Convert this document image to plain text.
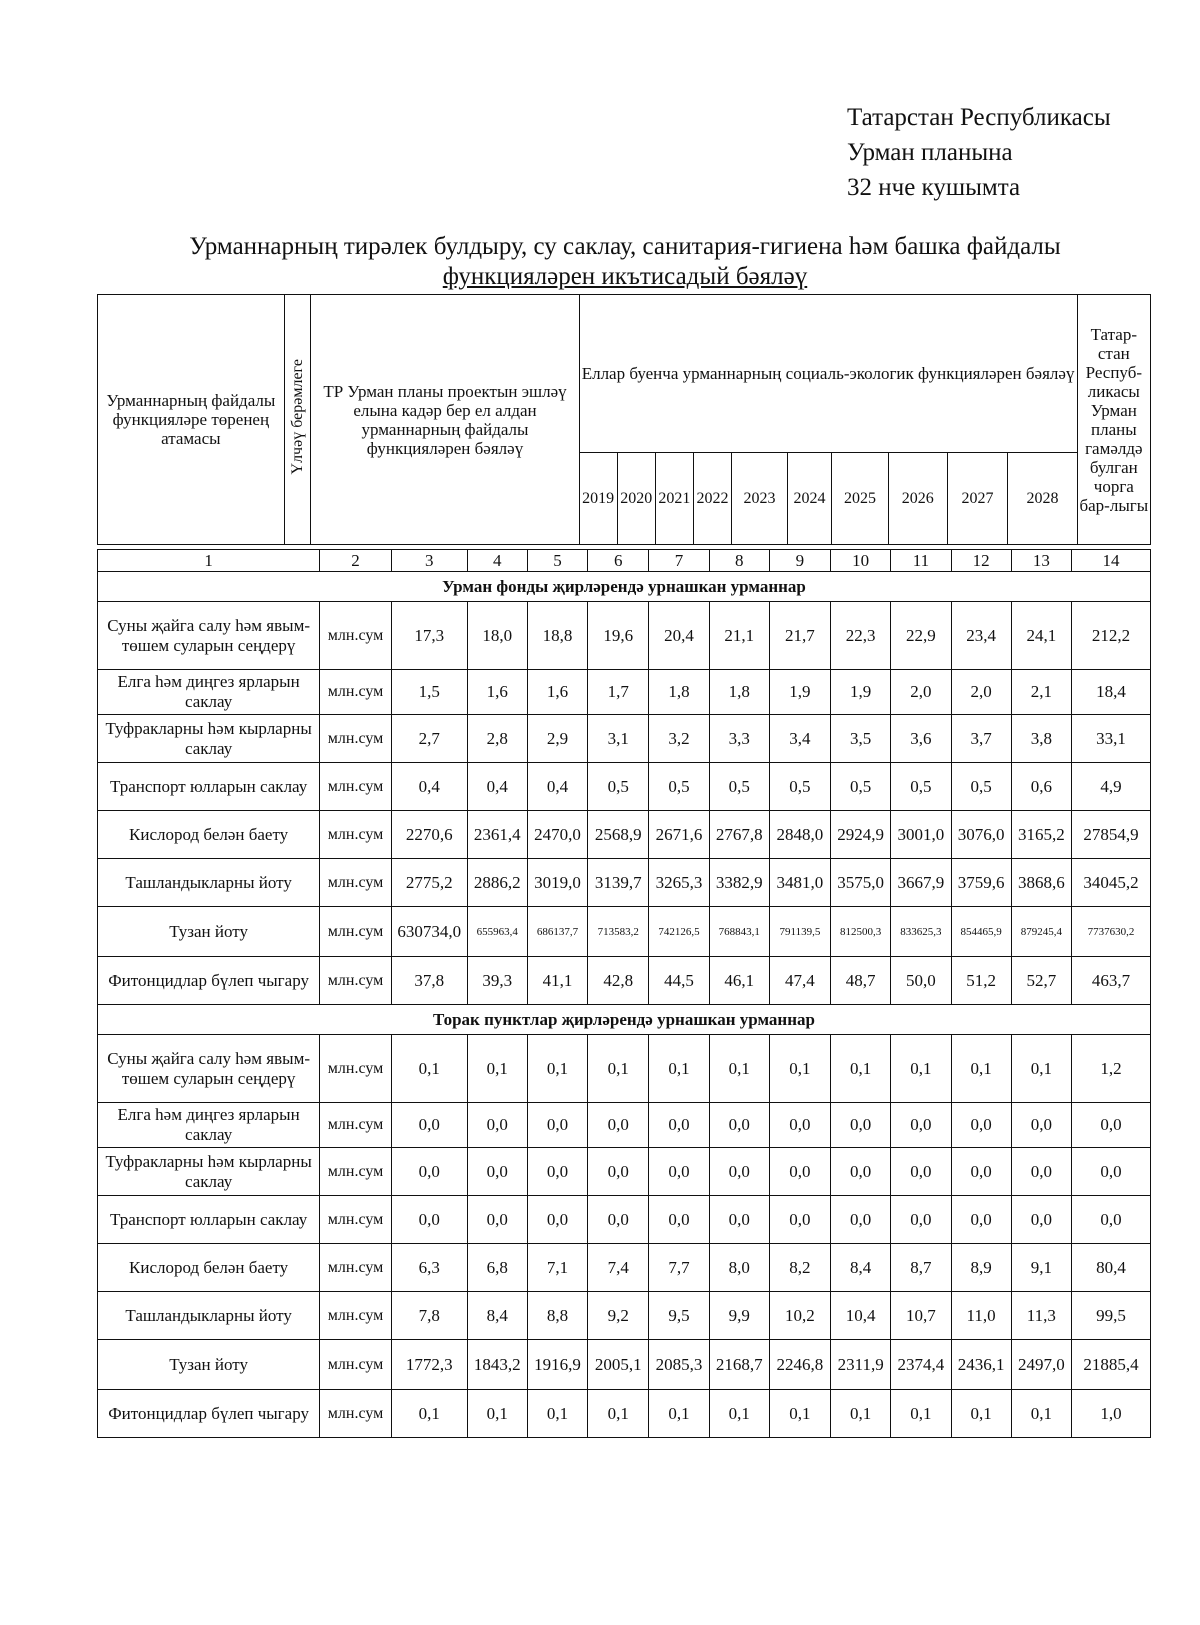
Татарстан Республикасы
Урман планына
32 нче кушымта
Урманнарның тирәлек булдыру, су саклау, санитария-гигиена һәм башка файдалы
функцияләрен икътисадый бәяләү
Урманнарның файдалы функцияләре төренең атамасы	Үлчәү берәмлеге	ТР Урман планы проектын эшләү елына кадәр бер ел алдан урманнарның файдалы функцияләрен бәяләү	Еллар буенча урманнарның социаль-экологик функцияләрен бәяләү										Татар-стан Респуб-ликасы Урман планы гамәлдә булган чорга бар-лыгы
			2019	2020	2021	2022	2023	2024	2025	2026	2027	2028	
1	2	3	4	5	6	7	8	9	10	11	12	13	14
Урман фонды җирләрендә урнашкан урманнар													
Суны җайга салу һәм явым-төшем суларын сеңдерү	млн.сум	17,3	18,0	18,8	19,6	20,4	21,1	21,7	22,3	22,9	23,4	24,1	212,2
Елга һәм диңгез ярларын саклау	млн.сум	1,5	1,6	1,6	1,7	1,8	1,8	1,9	1,9	2,0	2,0	2,1	18,4
Туфракларны һәм кырларны саклау	млн.сум	2,7	2,8	2,9	3,1	3,2	3,3	3,4	3,5	3,6	3,7	3,8	33,1
Транспорт юлларын саклау	млн.сум	0,4	0,4	0,4	0,5	0,5	0,5	0,5	0,5	0,5	0,5	0,6	4,9
Кислород белән баету	млн.сум	2270,6	2361,4	2470,0	2568,9	2671,6	2767,8	2848,0	2924,9	3001,0	3076,0	3165,2	27854,9
Ташландыкларны йоту	млн.сум	2775,2	2886,2	3019,0	3139,7	3265,3	3382,9	3481,0	3575,0	3667,9	3759,6	3868,6	34045,2
Тузан йоту	млн.сум	630734,0	655963,4	686137,7	713583,2	742126,5	768843,1	791139,5	812500,3	833625,3	854465,9	879245,4	7737630,2
Фитонцидлар бүлеп чыгару	млн.сум	37,8	39,3	41,1	42,8	44,5	46,1	47,4	48,7	50,0	51,2	52,7	463,7
Торак пунктлар җирләрендә урнашкан урманнар													
Суны җайга салу һәм явым-төшем суларын сеңдерү	млн.сум	0,1	0,1	0,1	0,1	0,1	0,1	0,1	0,1	0,1	0,1	0,1	1,2
Елга һәм диңгез ярларын саклау	млн.сум	0,0	0,0	0,0	0,0	0,0	0,0	0,0	0,0	0,0	0,0	0,0	0,0
Туфракларны һәм кырларны саклау	млн.сум	0,0	0,0	0,0	0,0	0,0	0,0	0,0	0,0	0,0	0,0	0,0	0,0
Транспорт юлларын саклау	млн.сум	0,0	0,0	0,0	0,0	0,0	0,0	0,0	0,0	0,0	0,0	0,0	0,0
Кислород белән баету	млн.сум	6,3	6,8	7,1	7,4	7,7	8,0	8,2	8,4	8,7	8,9	9,1	80,4
Ташландыкларны йоту	млн.сум	7,8	8,4	8,8	9,2	9,5	9,9	10,2	10,4	10,7	11,0	11,3	99,5
Тузан йоту	млн.сум	1772,3	1843,2	1916,9	2005,1	2085,3	2168,7	2246,8	2311,9	2374,4	2436,1	2497,0	21885,4
Фитонцидлар бүлеп чыгару	млн.сум	0,1	0,1	0,1	0,1	0,1	0,1	0,1	0,1	0,1	0,1	0,1	1,0
